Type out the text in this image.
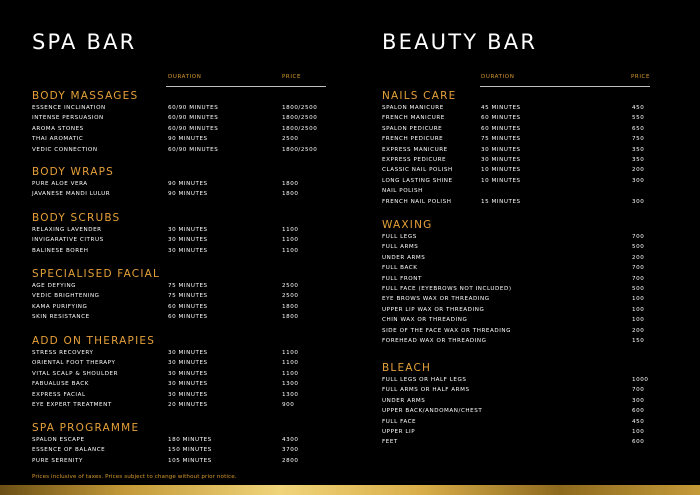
SPA BAR
DURATION	PRICE
BODY MASSAGES
ESSENCE INCLINATION	60/90 MINUTES	1800/2500
INTENSE PERSUASION	60/90 MINUTES	1800/2500
AROMA STONES	60/90 MINUTES	1800/2500
THAI AROMATIC	90 MINUTES	2500
VEDIC CONNECTION	60/90 MINUTES	1800/2500
BODY WRAPS
PURE ALOE VERA	90 MINUTES	1800
JAVANESE MANDI LULUR	90 MINUTES	1800
BODY SCRUBS
RELAXING LAVENDER	30 MINUTES	1100
INVIGARATIVE CITRUS	30 MINUTES	1100
BALINESE BOREH	30 MINUTES	1100
SPECIALISED FACIAL
AGE DEFYING	75 MINUTES	2500
VEDIC BRIGHTENING	75 MINUTES	2500
KAMA PURIFYING	60 MINUTES	1800
SKIN RESISTANCE	60 MINUTES	1800
ADD ON THERAPIES
STRESS RECOVERY	30 MINUTES	1100
ORIENTAL FOOT THERAPY	30 MINUTES	1100
VITAL SCALP & SHOULDER	30 MINUTES	1100
FABUALUSE BACK	30 MINUTES	1300
EXPRESS FACIAL	30 MINUTES	1300
EYE EXPERT TREATMENT	20 MINUTES	900
SPA PROGRAMME
SPALON ESCAPE	180 MINUTES	4300
ESSENCE OF BALANCE	150 MINUTES	3700
PURE SERENITY	105 MINUTES	2800
BEAUTY BAR
DURATION	PRICE
NAILS CARE
SPALON MANICURE	45 MINUTES	450
FRENCH MANICURE	60 MINUTES	550
SPALON PEDICURE	60 MINUTES	650
FRENCH PEDICURE	75 MINUTES	750
EXPRESS MANICURE	30 MINUTES	350
EXPRESS PEDICURE	30 MINUTES	350
CLASSIC NAIL POLISH	10 MINUTES	200
LONG LASTING SHINE	10 MINUTES	300
NAIL POLISH
FRENCH NAIL POLISH	15 MINUTES	300
WAXING
FULL LEGS	700
FULL ARMS	500
UNDER ARMS	200
FULL BACK	700
FULL FRONT	700
FULL FACE (EYEBROWS NOT INCLUDED)	500
EYE BROWS WAX OR THREADING	100
UPPER LIP WAX OR THREADING	100
CHIN WAX OR THREADING	100
SIDE OF THE FACE WAX OR THREADING	200
FOREHEAD WAX OR THREADING	150
BLEACH
FULL LEGS OR HALF LEGS	1000
FULL ARMS OR HALF ARMS	700
UNDER ARMS	300
UPPER BACK/ANDOMAN/CHEST	600
FULL FACE	450
UPPER LIP	100
FEET	600
Prices inclusive of taxes. Prices subject to change without prior notice.
